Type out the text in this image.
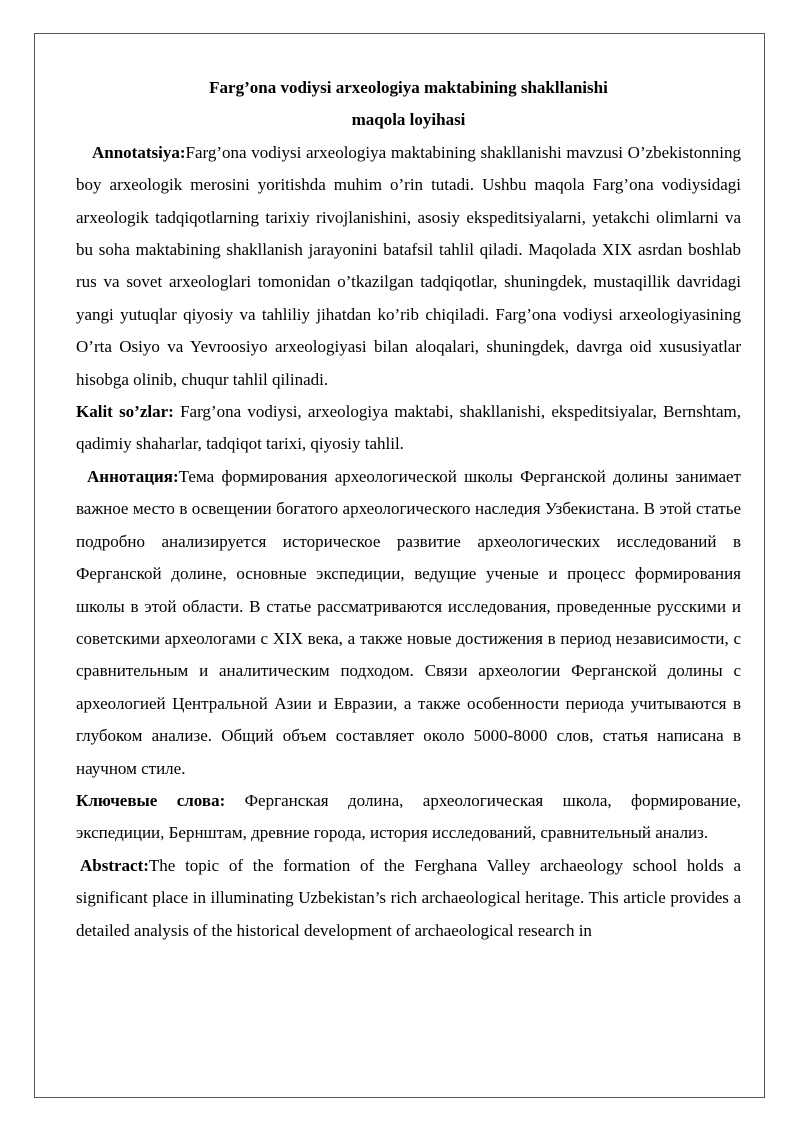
Farg’ona vodiysi arxeologiya maktabining shakllanishi

maqola loyihasi

Annotatsiya:Farg’ona vodiysi arxeologiya maktabining shakllanishi mavzusi O’zbekistonning boy arxeologik merosini yoritishda muhim o’rin tutadi. Ushbu maqola Farg’ona vodiysidagi arxeologik tadqiqotlarning tarixiy rivojlanishini, asosiy ekspeditsiyalarni, yetakchi olimlarni va bu soha maktabining shakllanish jarayonini batafsil tahlil qiladi. Maqolada XIX asrdan boshlab rus va sovet arxeologlari tomonidan o’tkazilgan tadqiqotlar, shuningdek, mustaqillik davridagi yangi yutuqlar qiyosiy va tahliliy jihatdan ko’rib chiqiladi. Farg’ona vodiysi arxeologiyasining O’rta Osiyo va Yevroosiyo arxeologiyasi bilan aloqalari, shuningdek, davrga oid xususiyatlar hisobga olinib, chuqur tahlil qilinadi.

Kalit so’zlar: Farg’ona vodiysi, arxeologiya maktabi, shakllanishi, ekspeditsiyalar, Bernshtam, qadimiy shaharlar, tadqiqot tarixi, qiyosiy tahlil.

Аннотация:Тема формирования археологической школы Ферганской долины занимает важное место в освещении богатого археологического наследия Узбекистана. В этой статье подробно анализируется историческое развитие археологических исследований в Ферганской долине, основные экспедиции, ведущие ученые и процесс формирования школы в этой области. В статье рассматриваются исследования, проведенные русскими и советскими археологами с XIX века, а также новые достижения в период независимости, с сравнительным и аналитическим подходом. Связи археологии Ферганской долины с археологией Центральной Азии и Евразии, а также особенности периода учитываются в глубоком анализе. Общий объем составляет около 5000-8000 слов, статья написана в научном стиле.

Ключевые слова: Ферганская долина, археологическая школа, формирование, экспедиции, Бернштам, древние города, история исследований, сравнительный анализ.

Abstract:The topic of the formation of the Ferghana Valley archaeology school holds a significant place in illuminating Uzbekistan’s rich archaeological heritage. This article provides a detailed analysis of the historical development of archaeological research in
